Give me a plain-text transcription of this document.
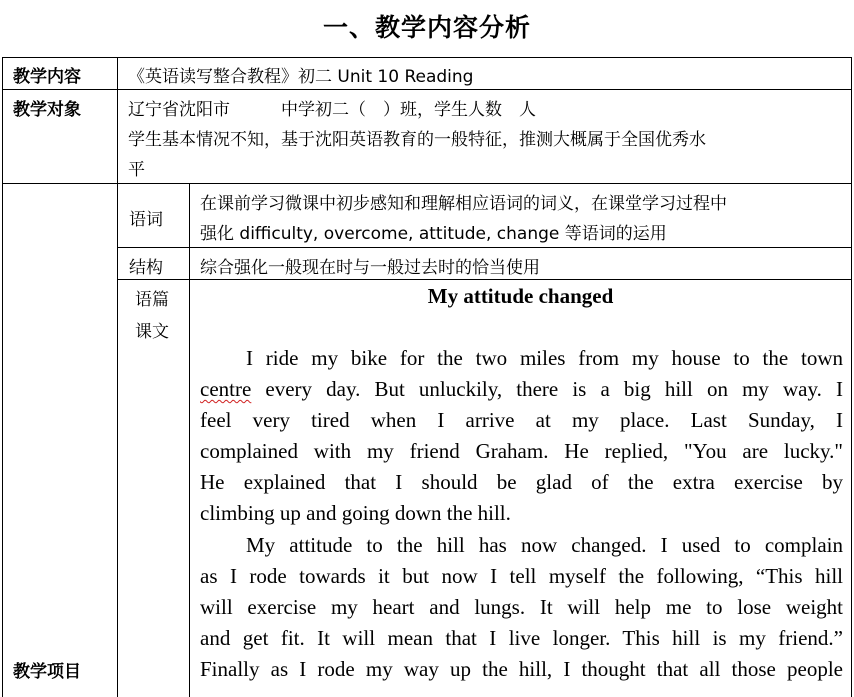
一、教学内容分析
教学内容	《英语读写整合教程》初二 Unit 10 Reading
教学对象	辽宁省沈阳市　　　中学初二（　）班，学生人数　人
学生基本情况不知，基于沈阳英语教育的一般特征，推测大概属于全国优秀水
平
教学项目
语词
在课前学习微课中初步感知和理解相应语词的词义，在课堂学习过程中
强化 difficulty, overcome, attitude, change 等语词的运用
结构 综合强化一般现在时与一般过去时的恰当使用
语篇
课文
My attitude changed
I ride my bike for the two miles from my house to the town
centre every day. But unluckily, there is a big hill on my way. I
feel very tired when I arrive at my place. Last Sunday, I
complained with my friend Graham. He replied, "You are lucky."
He explained that I should be glad of the extra exercise by
climbing up and going down the hill.
My attitude to the hill has now changed. I used to complain
as I rode towards it but now I tell myself the following, “This hill
will exercise my heart and lungs. It will help me to lose weight
and get fit. It will mean that I live longer. This hill is my friend.”
Finally as I rode my way up the hill, I thought that all those people
